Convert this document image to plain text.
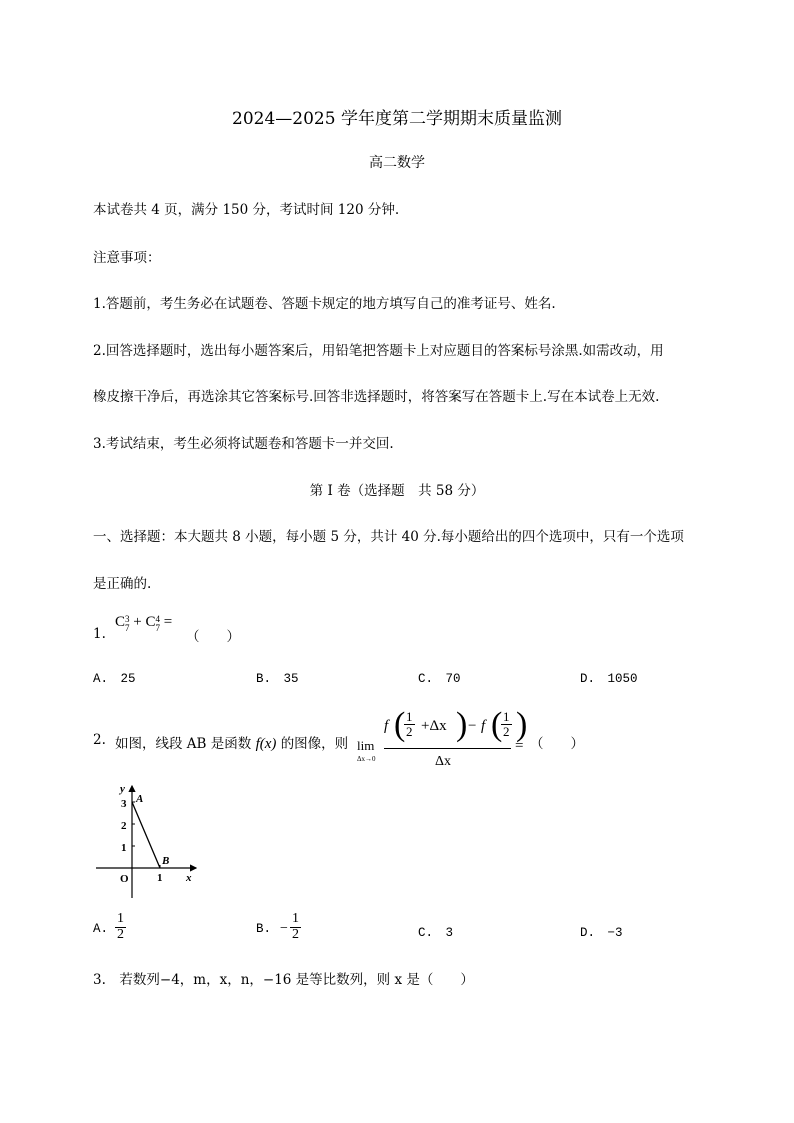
2024—2025 学年度第二学期期末质量监测
高二数学
本试卷共 4 页，满分 150 分，考试时间 120 分钟.
注意事项：
1.答题前，考生务必在试题卷、答题卡规定的地方填写自己的准考证号、姓名.
2.回答选择题时，选出每小题答案后，用铅笔把答题卡上对应题目的答案标号涂黑.如需改动，用
橡皮擦干净后，再选涂其它答案标号.回答非选择题时，将答案写在答题卡上.写在本试卷上无效.
3.考试结束，考生必须将试题卷和答题卡一并交回.
第 I 卷（选择题　共 58 分）
一、选择题：本大题共 8 小题，每小题 5 分，共计 40 分.每小题给出的四个选项中，只有一个选项
是正确的.
1.
C 3
7 + C 4
7 =
（　　）
A.　25	B.　35	C.　70	D.　1050
2. 如图，线段 AB 是函数 f(x) 的图像，则 lim
Δx→0
f (
$\frac{1}{2} +\Delta x$ ) − f (
$\frac{1}{2}$ )
Δx
= （　　）
y
x
O
3
2
1
1
A
B
A. $\frac{1}{2}$	B. − $\frac{1}{2}$	C.　3	D.　−3
3.　若数列−4，m，x，n，−16 是等比数列，则 x 是（　　）
